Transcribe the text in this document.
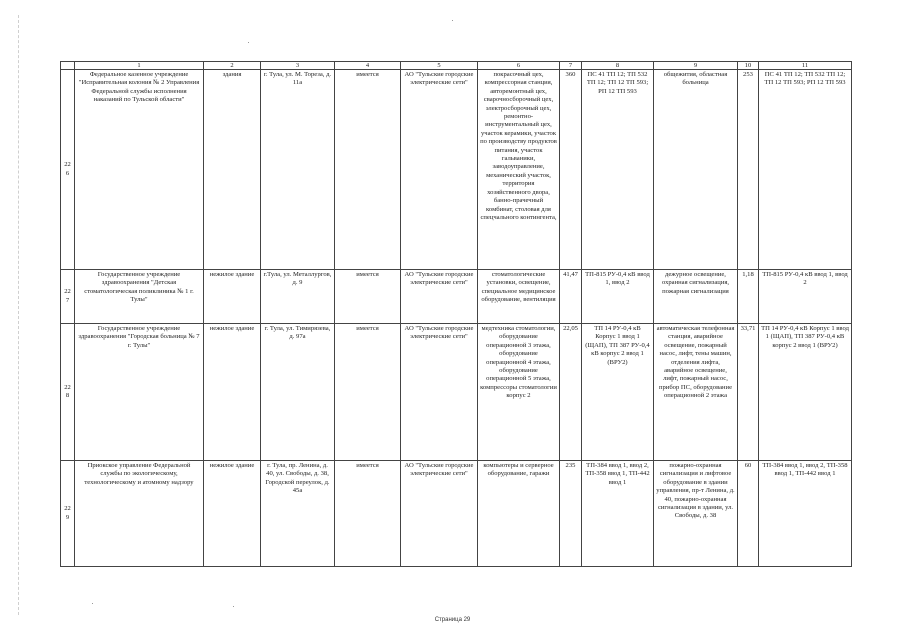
	1	2	3	4	5	6	7	8	9	10	11
226	Федеральное казенное учреждение "Исправительная колония № 2 Управления Федеральной службы исполнения наказаний по Тульской области"	здания	г. Тула, ул. М. Тореза, д. 11а	имеется	АО "Тульские городские электрические сети"	покрасочный цех, компрессорная станция, авторемонтный цех, сварочносборочный цех, электросборочный цех, ремонтно-инструментальный цех, участок керамики, участок по производству продуктов питания, участок гальваники, заводоуправление, механический участок, территория хозяйственного двора, банно-прачечный комбинат, столовая для спецчального контингента,	360	ПС 41 ТП 12; ТП 532 ТП 12; ТП 12 ТП 593; РП 12 ТП 593	общежития, областная больница	253	ПС 41 ТП 12; ТП 532 ТП 12; ТП 12 ТП 593; РП 12 ТП 593

227	Государственное учреждение здравоохранения "Детская стоматологическая поликлиника № 1 г. Тулы"	нежилое здание	г.Тула, ул. Металлургов, д. 9	имеется	АО "Тульские городские электрические сети"	стоматологические установки, освещение, специальное медицинское оборудование, вентиляция	41,47	ТП-815 РУ-0,4 кВ ввод 1, ввод 2	дежурное освещение, охранная сигнализация, пожарная сигнализация	1,18	ТП-815 РУ-0,4 кВ ввод 1, ввод 2

228	Государственное учреждение здравоохранения "Городская больница № 7 г. Тулы"	нежилое здание	г. Тула, ул. Тимирязева, д. 97а	имеется	АО "Тульские городские электрические сети"	медтехника стоматологии, оборудование операционной 3 этажа, оборудование операционной 4 этажа, оборудование операционной 5 этажа, компрессоры стоматологии корпус 2	22,05	ТП 14 РУ-0,4 кВ Корпус 1 ввод 1 (ЩАП), ТП 387 РУ-0,4 кВ корпус 2 ввод 1 (ВРУ2)	автоматическая телефонная станция, аварийное освещение, пожарный насос, лифт, тены машин, отделения лифта, аварийное освещение, лифт, пожарный насос, прибор ПС, оборудование операционной 2 этажа	33,71	ТП 14 РУ-0,4 кВ Корпус 1 ввод 1 (ЩАП), ТП 387 РУ-0,4 кВ корпус 2 ввод 1 (ВРУ2)

229	Приокское управление Федеральной службы по экологическому, технологическому и атомному надзору	нежилое здание	г. Тула, пр. Ленина, д. 40, ул. Свободы, д. 38, Городской переулок, д. 45а	имеется	АО "Тульские городские электрические сети"	компьютеры и серверное оборудование, гаражи	235	ТП-384 ввод 1, ввод 2, ТП-358 ввод 1, ТП-442 ввод 1	пожарно-охранная сигнализация и лифтовое оборудование в здании управления, пр-т Ленина, д. 40, пожарно-охранная сигнализация в здании, ул. Свободы, д. 38	60	ТП-384 ввод 1, ввод 2, ТП-358 ввод 1, ТП-442 ввод 1
Страница 29
